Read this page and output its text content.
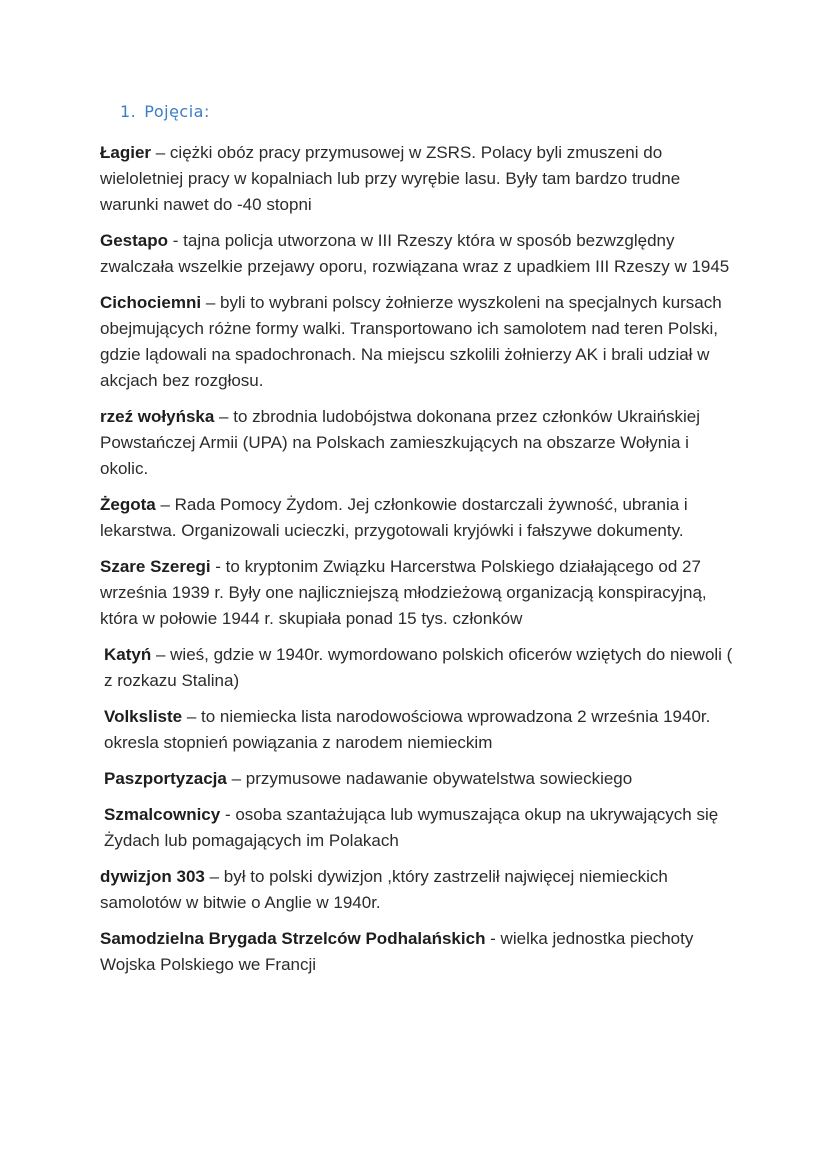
1. Pojęcia:

Łagier – ciężki obóz pracy przymusowej w ZSRS. Polacy byli zmuszeni do wieloletniej pracy w kopalniach lub przy wyrębie lasu. Były tam bardzo trudne warunki nawet do -40 stopni

Gestapo - tajna policja utworzona w III Rzeszy która w sposób bezwzględny zwalczała wszelkie przejawy oporu, rozwiązana wraz z upadkiem III Rzeszy w 1945

Cichociemni – byli to wybrani polscy żołnierze wyszkoleni na specjalnych kursach obejmujących różne formy walki. Transportowano ich samolotem nad teren Polski, gdzie lądowali na spadochronach. Na miejscu szkolili żołnierzy AK i brali udział w akcjach bez rozgłosu.

rzeź wołyńska – to zbrodnia ludobójstwa dokonana przez członków Ukraińskiej Powstańczej Armii (UPA) na Polskach zamieszkujących na obszarze Wołynia i okolic.

Żegota – Rada Pomocy Żydom. Jej członkowie dostarczali żywność, ubrania i lekarstwa. Organizowali ucieczki, przygotowali kryjówki i fałszywe dokumenty.

Szare Szeregi - to kryptonim Związku Harcerstwa Polskiego działającego od 27 września 1939 r. Były one najliczniejszą młodzieżową organizacją konspiracyjną, która w połowie 1944 r. skupiała ponad 15 tys. członków

Katyń – wieś, gdzie w 1940r. wymordowano polskich oficerów wziętych do niewoli ( z rozkazu Stalina)

Volksliste – to niemiecka lista narodowościowa wprowadzona 2 września 1940r. okresla stopnień powiązania z narodem niemieckim

Paszportyzacja – przymusowe nadawanie obywatelstwa sowieckiego

Szmalcownicy - osoba szantażująca lub wymuszająca okup na ukrywających się Żydach lub pomagających im Polakach

dywizjon 303 – był to polski dywizjon ,który zastrzelił najwięcej niemieckich samolotów w bitwie o Anglie w 1940r.

Samodzielna Brygada Strzelców Podhalańskich - wielka jednostka piechoty Wojska Polskiego we Francji
